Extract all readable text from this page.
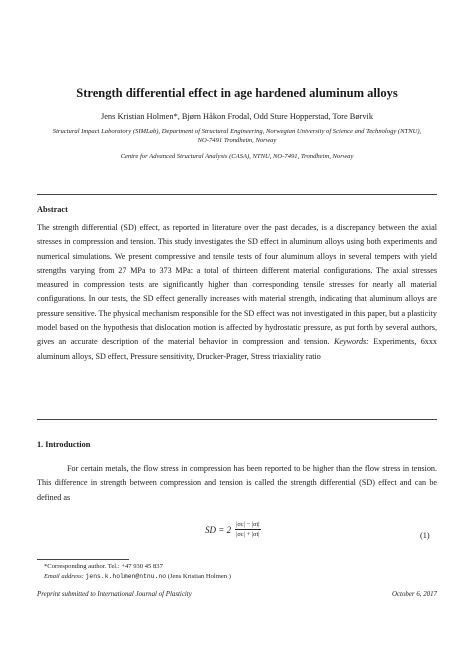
Strength differential effect in age hardened aluminum alloys
Jens Kristian Holmen*, Bjørn Håkon Frodal, Odd Sture Hopperstad, Tore Børvik
Structural Impact Laboratory (SIMLab), Department of Structural Engineering, Norwegian University of Science and Technology (NTNU), NO-7491 Trondheim, Norway
Centre for Advanced Structural Analysis (CASA), NTNU, NO-7491, Trondheim, Norway
Abstract
The strength differential (SD) effect, as reported in literature over the past decades, is a discrepancy between the axial stresses in compression and tension. This study investigates the SD effect in aluminum alloys using both experiments and numerical simulations. We present compressive and tensile tests of four aluminum alloys in several tempers with yield strengths varying from 27 MPa to 373 MPa: a total of thirteen different material configurations. The axial stresses measured in compression tests are significantly higher than corresponding tensile stresses for nearly all material configurations. In our tests, the SD effect generally increases with material strength, indicating that aluminum alloys are pressure sensitive. The physical mechanism responsible for the SD effect was not investigated in this paper, but a plasticity model based on the hypothesis that dislocation motion is affected by hydrostatic pressure, as put forth by several authors, gives an accurate description of the material behavior in compression and tension. Keywords: Experiments, 6xxx aluminum alloys, SD effect, Pressure sensitivity, Drucker-Prager, Stress triaxiality ratio
1. Introduction
For certain metals, the flow stress in compression has been reported to be higher than the flow stress in tension. This difference in strength between compression and tension is called the strength differential (SD) effect and can be defined as
SD = $2 \frac{|\sigma c| - |\sigma t|}{|\sigma c| + |\sigma t|}$	(1)
*Corresponding author. Tel.: +47 930 45 837
Email address: jens.k.holmen@ntnu.no (Jens Kristian Holmen )
Preprint submitted to International Journal of Plasticity	October 6, 2017
